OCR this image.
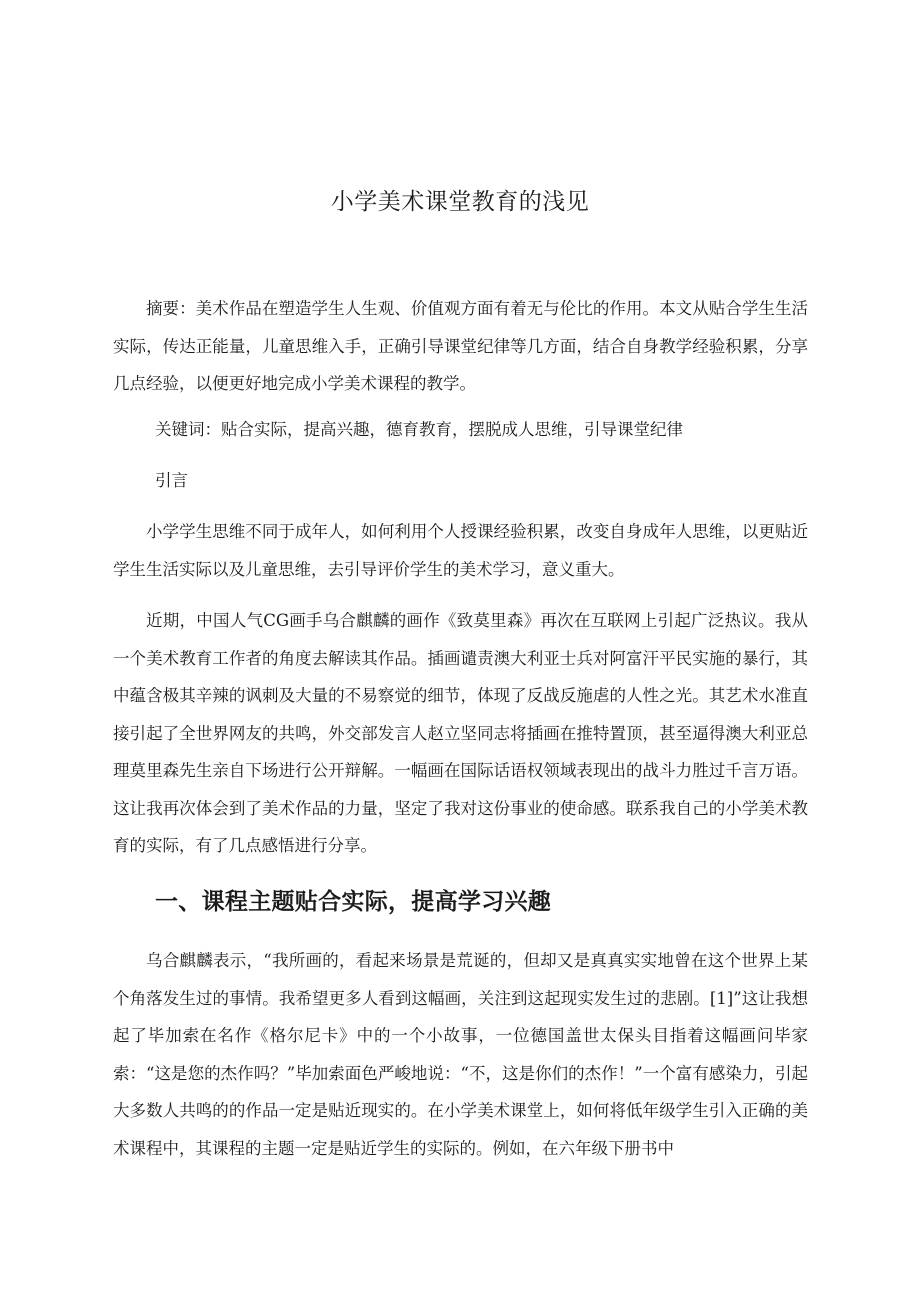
小学美术课堂教育的浅见

摘要：美术作品在塑造学生人生观、价值观方面有着无与伦比的作用。本文从贴合学生生活实际，传达正能量，儿童思维入手，正确引导课堂纪律等几方面，结合自身教学经验积累，分享几点经验，以便更好地完成小学美术课程的教学。

关键词：贴合实际，提高兴趣，德育教育，摆脱成人思维，引导课堂纪律

引言

小学学生思维不同于成年人，如何利用个人授课经验积累，改变自身成年人思维，以更贴近学生生活实际以及儿童思维，去引导评价学生的美术学习，意义重大。

近期，中国人气CG画手乌合麒麟的画作《致莫里森》再次在互联网上引起广泛热议。我从一个美术教育工作者的角度去解读其作品。插画谴责澳大利亚士兵对阿富汗平民实施的暴行，其中蕴含极其辛辣的讽刺及大量的不易察觉的细节，体现了反战反施虐的人性之光。其艺术水准直接引起了全世界网友的共鸣，外交部发言人赵立坚同志将插画在推特置顶，甚至逼得澳大利亚总理莫里森先生亲自下场进行公开辩解。一幅画在国际话语权领域表现出的战斗力胜过千言万语。这让我再次体会到了美术作品的力量，坚定了我对这份事业的使命感。联系我自己的小学美术教育的实际，有了几点感悟进行分享。

一、课程主题贴合实际，提高学习兴趣

乌合麒麟表示，“我所画的，看起来场景是荒诞的，但却又是真真实实地曾在这个世界上某个角落发生过的事情。我希望更多人看到这幅画，关注到这起现实发生过的悲剧。[1]”这让我想起了毕加索在名作《格尔尼卡》中的一个小故事，一位德国盖世太保头目指着这幅画问毕家索：“这是您的杰作吗？”毕加索面色严峻地说：“不，这是你们的杰作！”一个富有感染力，引起大多数人共鸣的的作品一定是贴近现实的。在小学美术课堂上，如何将低年级学生引入正确的美术课程中，其课程的主题一定是贴近学生的实际的。例如，在六年级下册书中
